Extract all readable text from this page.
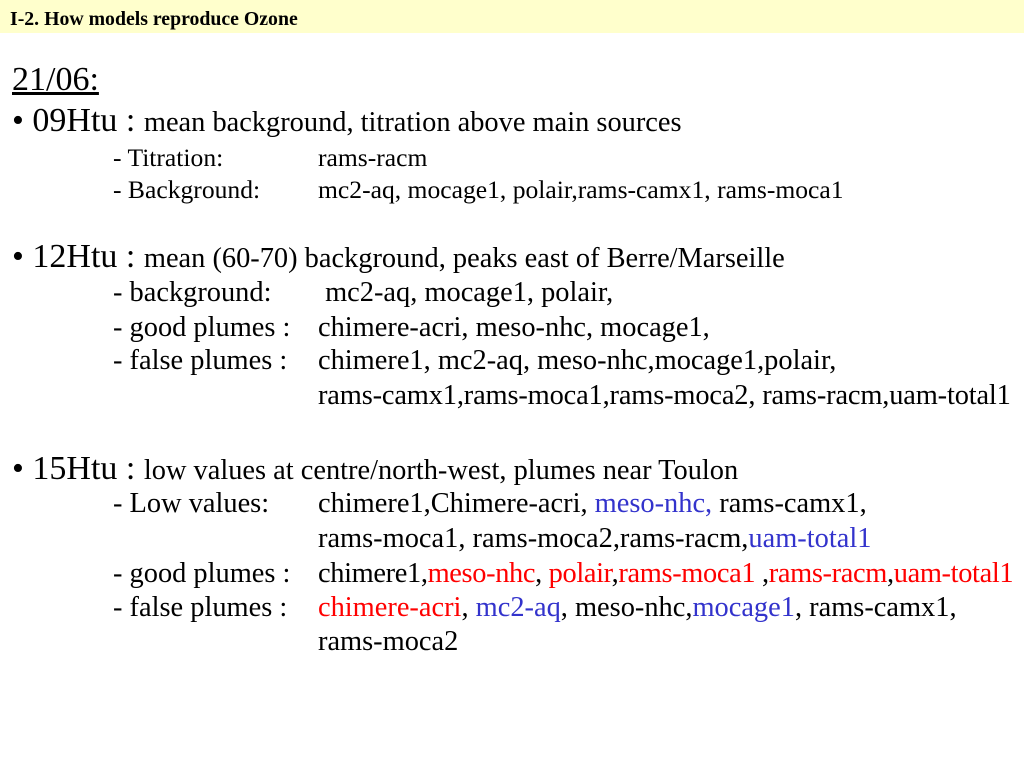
I-2. How models reproduce Ozone
21/06:
• 09Htu : mean background, titration above main sources
- Titration:	rams-racm
- Background: mc2-aq, mocage1, polair,rams-camx1, rams-moca1
• 12Htu : mean (60-70) background, peaks east of Berre/Marseille
- background: mc2-aq, mocage1, polair,
- good plumes : chimere-acri, meso-nhc, mocage1,
- false plumes : chimere1, mc2-aq, meso-nhc,mocage1,polair,
rams-camx1,rams-moca1,rams-moca2, rams-racm,uam-total1
• 15Htu : low values at centre/north-west, plumes near Toulon
- Low values: chimere1,Chimere-acri, meso-nhc, rams-camx1,
rams-moca1, rams-moca2,rams-racm,uam-total1
- good plumes : chimere1,meso-nhc, polair,rams-moca1 ,rams-racm,uam-total1
- false plumes : chimere-acri, mc2-aq, meso-nhc,mocage1, rams-camx1,
rams-moca2
